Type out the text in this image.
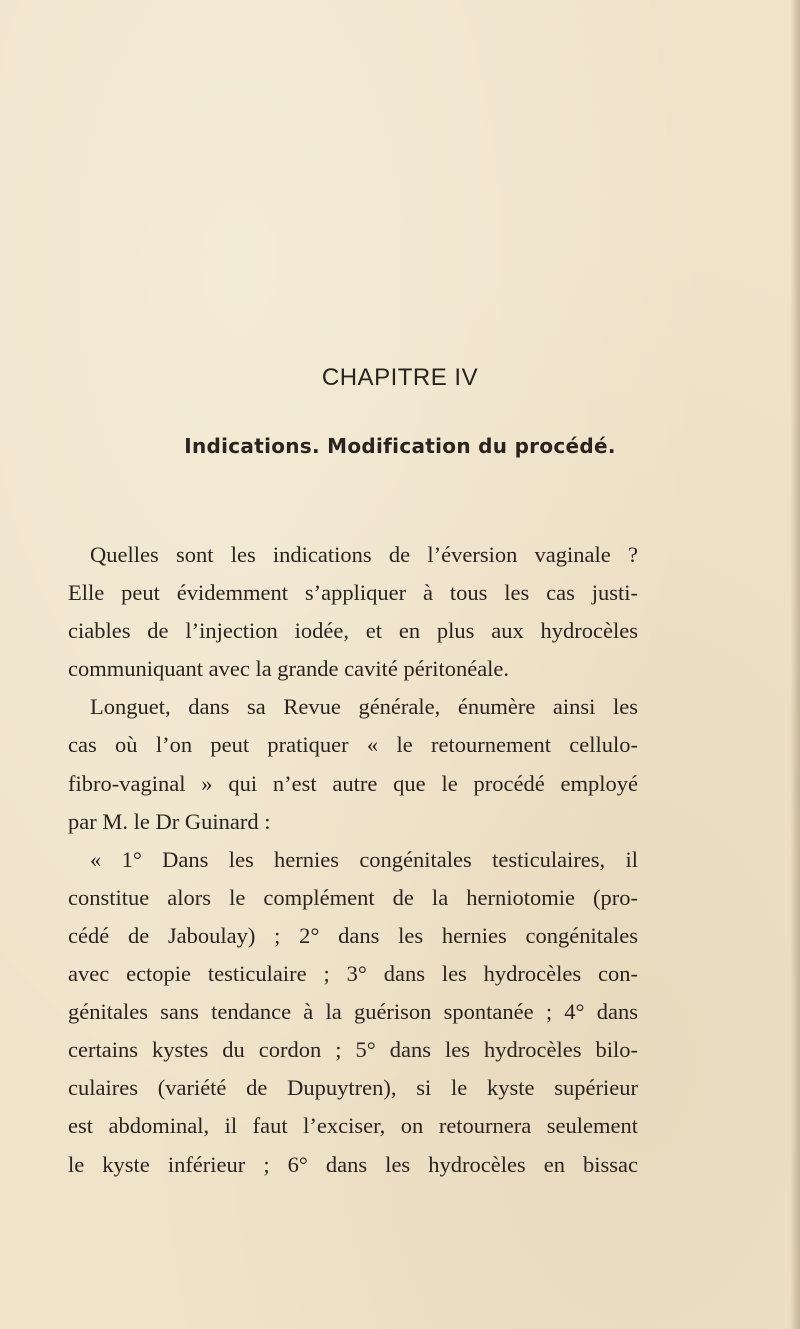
CHAPITRE IV
Indications. Modification du procédé.
Quelles sont les indications de l’éversion vaginale ?
Elle peut évidemment s’appliquer à tous les cas justi-
ciables de l’injection iodée, et en plus aux hydrocèles
communiquant avec la grande cavité péritonéale.
Longuet, dans sa Revue générale, énumère ainsi les
cas où l’on peut pratiquer « le retournement cellulo-
fibro-vaginal » qui n’est autre que le procédé employé
par M. le Dr Guinard :
« 1° Dans les hernies congénitales testiculaires, il
constitue alors le complément de la herniotomie (pro-
cédé de Jaboulay) ; 2° dans les hernies congénitales
avec ectopie testiculaire ; 3° dans les hydrocèles con-
génitales sans tendance à la guérison spontanée ; 4° dans
certains kystes du cordon ; 5° dans les hydrocèles bilo-
culaires (variété de Dupuytren), si le kyste supérieur
est abdominal, il faut l’exciser, on retournera seulement
le kyste inférieur ; 6° dans les hydrocèles en bissac
